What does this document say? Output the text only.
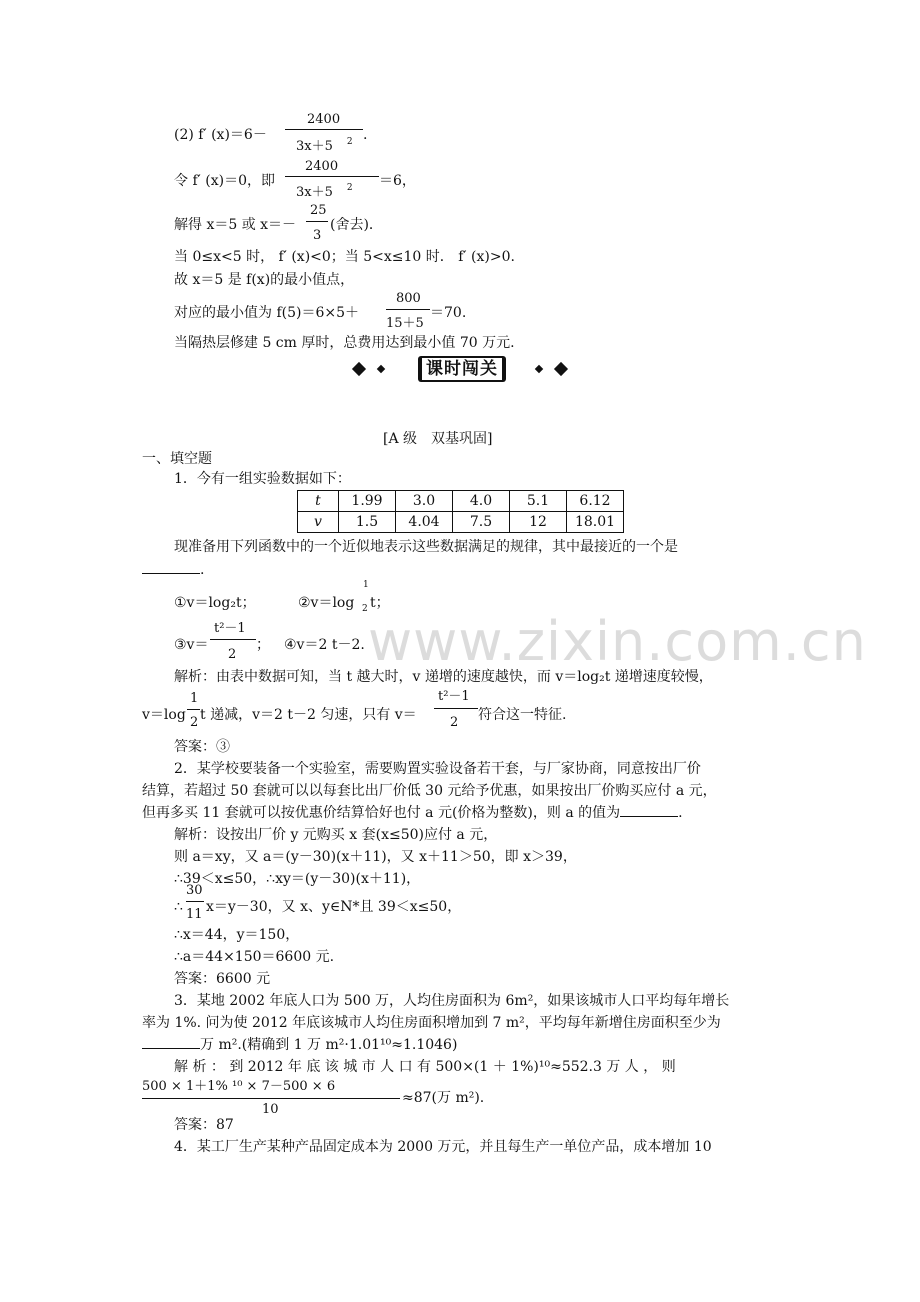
(2) f′ (x)＝6－
2400
3x＋5 $^2$ .
令 f′ (x)＝0，即
2400
3x＋5 $^2$ ＝6，
解得 x＝5 或 x＝－
25
3
(舍去)．
当 0≤x<5 时， f′ (x)<0；当 5<x≤10 时． f′ (x)>0.
故 x＝5 是 f(x)的最小值点，
对应的最小值为 f(5)＝6×5＋
800
15＋5
＝70.
当隔热层修建 5 cm 厚时，总费用达到最小值 70 万元.
课时闯关
[A 级　双基巩固]
一、填空题
1．今有一组实验数据如下：
t	1.99	3.0	4.0	5.1	6.12
v	1.5	4.04	7.5	12	18.01
现准备用下列函数中的一个近似地表示这些数据满足的规律，其中最接近的一个是
.
①v＝log₂t；	②v＝log
1
2 t；
③v＝
t²－1
2
； ④v＝2 t－2.
解析：由表中数据可知，当 t 越大时，v 递增的速度越快，而 v＝log₂t 递增速度较慢，
v＝log
1
2 t 递减，v＝2 t－2 匀速，只有 v＝
t²－1
2 符合这一特征.
答案：③
2．某学校要装备一个实验室，需要购置实验设备若干套，与厂家协商，同意按出厂价
结算，若超过 50 套就可以以每套比出厂价低 30 元给予优惠，如果按出厂价购买应付 a 元，
但再多买 11 套就可以按优惠价结算恰好也付 a 元(价格为整数)，则 a 的值为	.
解析：设按出厂价 y 元购买 x 套(x≤50)应付 a 元，
则 a＝xy，又 a＝(y－30)(x＋11)，又 x＋11＞50，即 x＞39，
∴39＜x≤50，∴xy＝(y－30)(x＋11)，
∴
30
11 x＝y－30，又 x、y∈N*且 39＜x≤50，
∴x＝44，y＝150，
∴a＝44×150＝6600 元.
答案：6600 元
3．某地 2002 年底人口为 500 万，人均住房面积为 6m²，如果该城市人口平均每年增长
率为 1%. 问为使 2012 年底该城市人均住房面积增加到 7 m²，平均每年新增住房面积至少为
万 m².(精确到 1 万 m²·1.01¹⁰≈1.1046)
解 析 ： 到 2012 年 底 该 城 市 人 口 有 500×(1 ＋ 1%)¹⁰≈552.3 万 人 ， 则
500 × 1＋1% ¹⁰ × 7－500 × 6
10
≈87(万 m²).
答案：87
4．某工厂生产某种产品固定成本为 2000 万元，并且每生产一单位产品，成本增加 10
www.zixin.com.cn
